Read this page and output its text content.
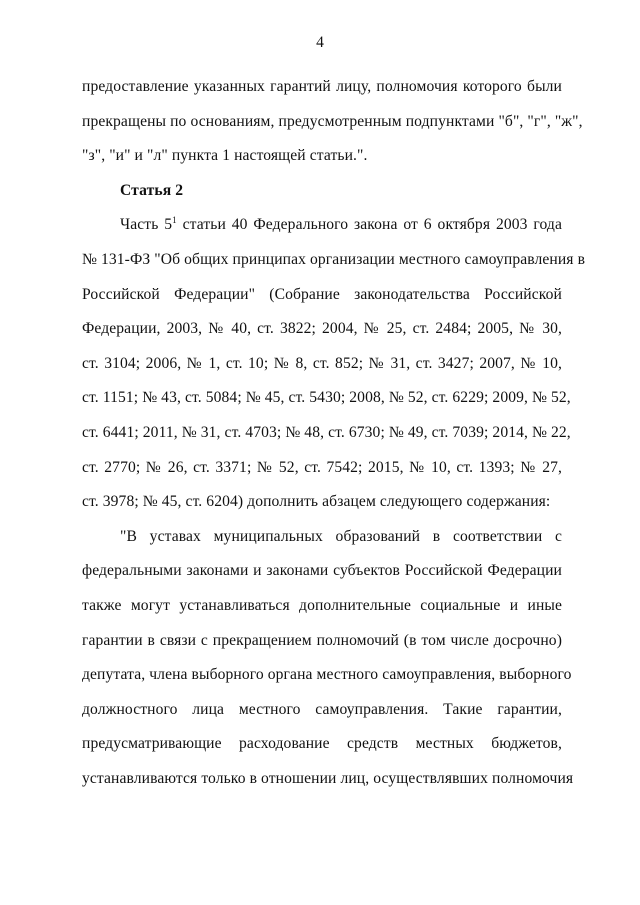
4
предоставление указанных гарантий лицу, полномочия которого были
прекращены по основаниям, предусмотренным подпунктами "б", "г", "ж",
"з", "и" и "л" пункта 1 настоящей статьи.".
Статья 2
Часть $5^1$ статьи 40 Федерального закона от 6 октября 2003 года
№ 131-ФЗ "Об общих принципах организации местного самоуправления в
Российской Федерации" (Собрание законодательства Российской
Федерации, 2003, № 40, ст. 3822; 2004, № 25, ст. 2484; 2005, № 30,
ст. 3104; 2006, № 1, ст. 10; № 8, ст. 852; № 31, ст. 3427; 2007, № 10,
ст. 1151; № 43, ст. 5084; № 45, ст. 5430; 2008, № 52, ст. 6229; 2009, № 52,
ст. 6441; 2011, № 31, ст. 4703; № 48, ст. 6730; № 49, ст. 7039; 2014, № 22,
ст. 2770; № 26, ст. 3371; № 52, ст. 7542; 2015, № 10, ст. 1393; № 27,
ст. 3978; № 45, ст. 6204) дополнить абзацем следующего содержания:
"В уставах муниципальных образований в соответствии с
федеральными законами и законами субъектов Российской Федерации
также могут устанавливаться дополнительные социальные и иные
гарантии в связи с прекращением полномочий (в том числе досрочно)
депутата, члена выборного органа местного самоуправления, выборного
должностного лица местного самоуправления. Такие гарантии,
предусматривающие расходование средств местных бюджетов,
устанавливаются только в отношении лиц, осуществлявших полномочия
